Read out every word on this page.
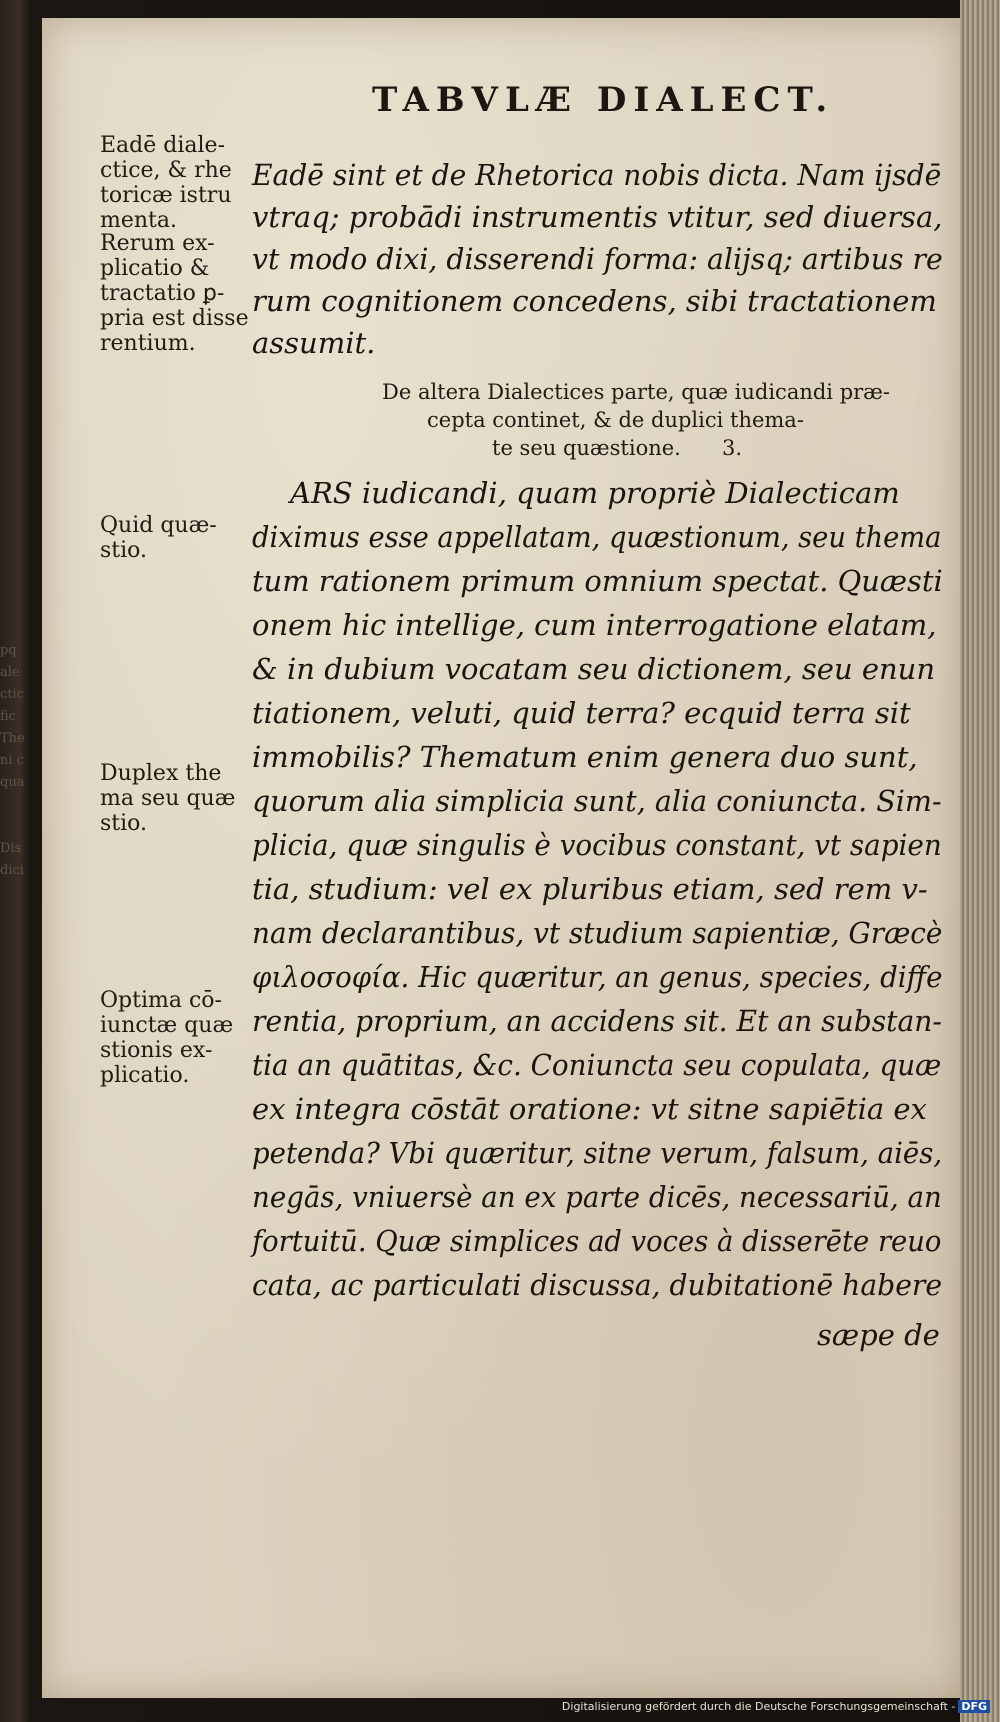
pq
ale
ctic
fic
The
ni c
qua

Dis
dici
TABVLÆ DIALECT.
Eadē diale-
ctice, & rhe
toricæ istru
menta.
Rerum ex-
plicatio &
tractatio ꝑ-
pria est disse
rentium.
Quid quæ-
stio.
Duplex the
ma seu quæ
stio.
Optima cō-
iunctæ quæ
stionis ex-
plicatio.
Eadē sint et de Rhetorica nobis dicta. Nam ijsdē
vtraq; probādi instrumentis vtitur, sed diuersa,
vt modo dixi, disserendi forma: alijsq; artibus re
rum cognitionem concedens, sibi tractationem
assumit.
De altera Dialectices parte, quæ iudicandi præ-
cepta continet, & de duplici thema-
te seu quæstione. 3.
ARS iudicandi, quam propriè Dialecticam
diximus esse appellatam, quæstionum, seu thema
tum rationem primum omnium spectat. Quæsti
onem hic intellige, cum interrogatione elatam,
& in dubium vocatam seu dictionem, seu enun
tiationem, veluti, quid terra? ecquid terra sit
immobilis? Thematum enim genera duo sunt,
quorum alia simplicia sunt, alia coniuncta. Sim-
plicia, quæ singulis è vocibus constant, vt sapien
tia, studium: vel ex pluribus etiam, sed rem v-
nam declarantibus, vt studium sapientiæ, Græcè
φιλοσοφία. Hic quæritur, an genus, species, diffe
rentia, proprium, an accidens sit. Et an substan-
tia an quātitas, &c. Coniuncta seu copulata, quæ
ex integra cōstāt oratione: vt sitne sapiētia ex
petenda? Vbi quæritur, sitne verum, falsum, aiēs,
negās, vniuersè an ex parte dicēs, necessariū, an
fortuitū. Quæ simplices ad voces à disserēte reuo
cata, ac particulati discussa, dubitationē habere
sæpe de
Digitalisierung gefördert durch die Deutsche Forschungsgemeinschaft - DFG
